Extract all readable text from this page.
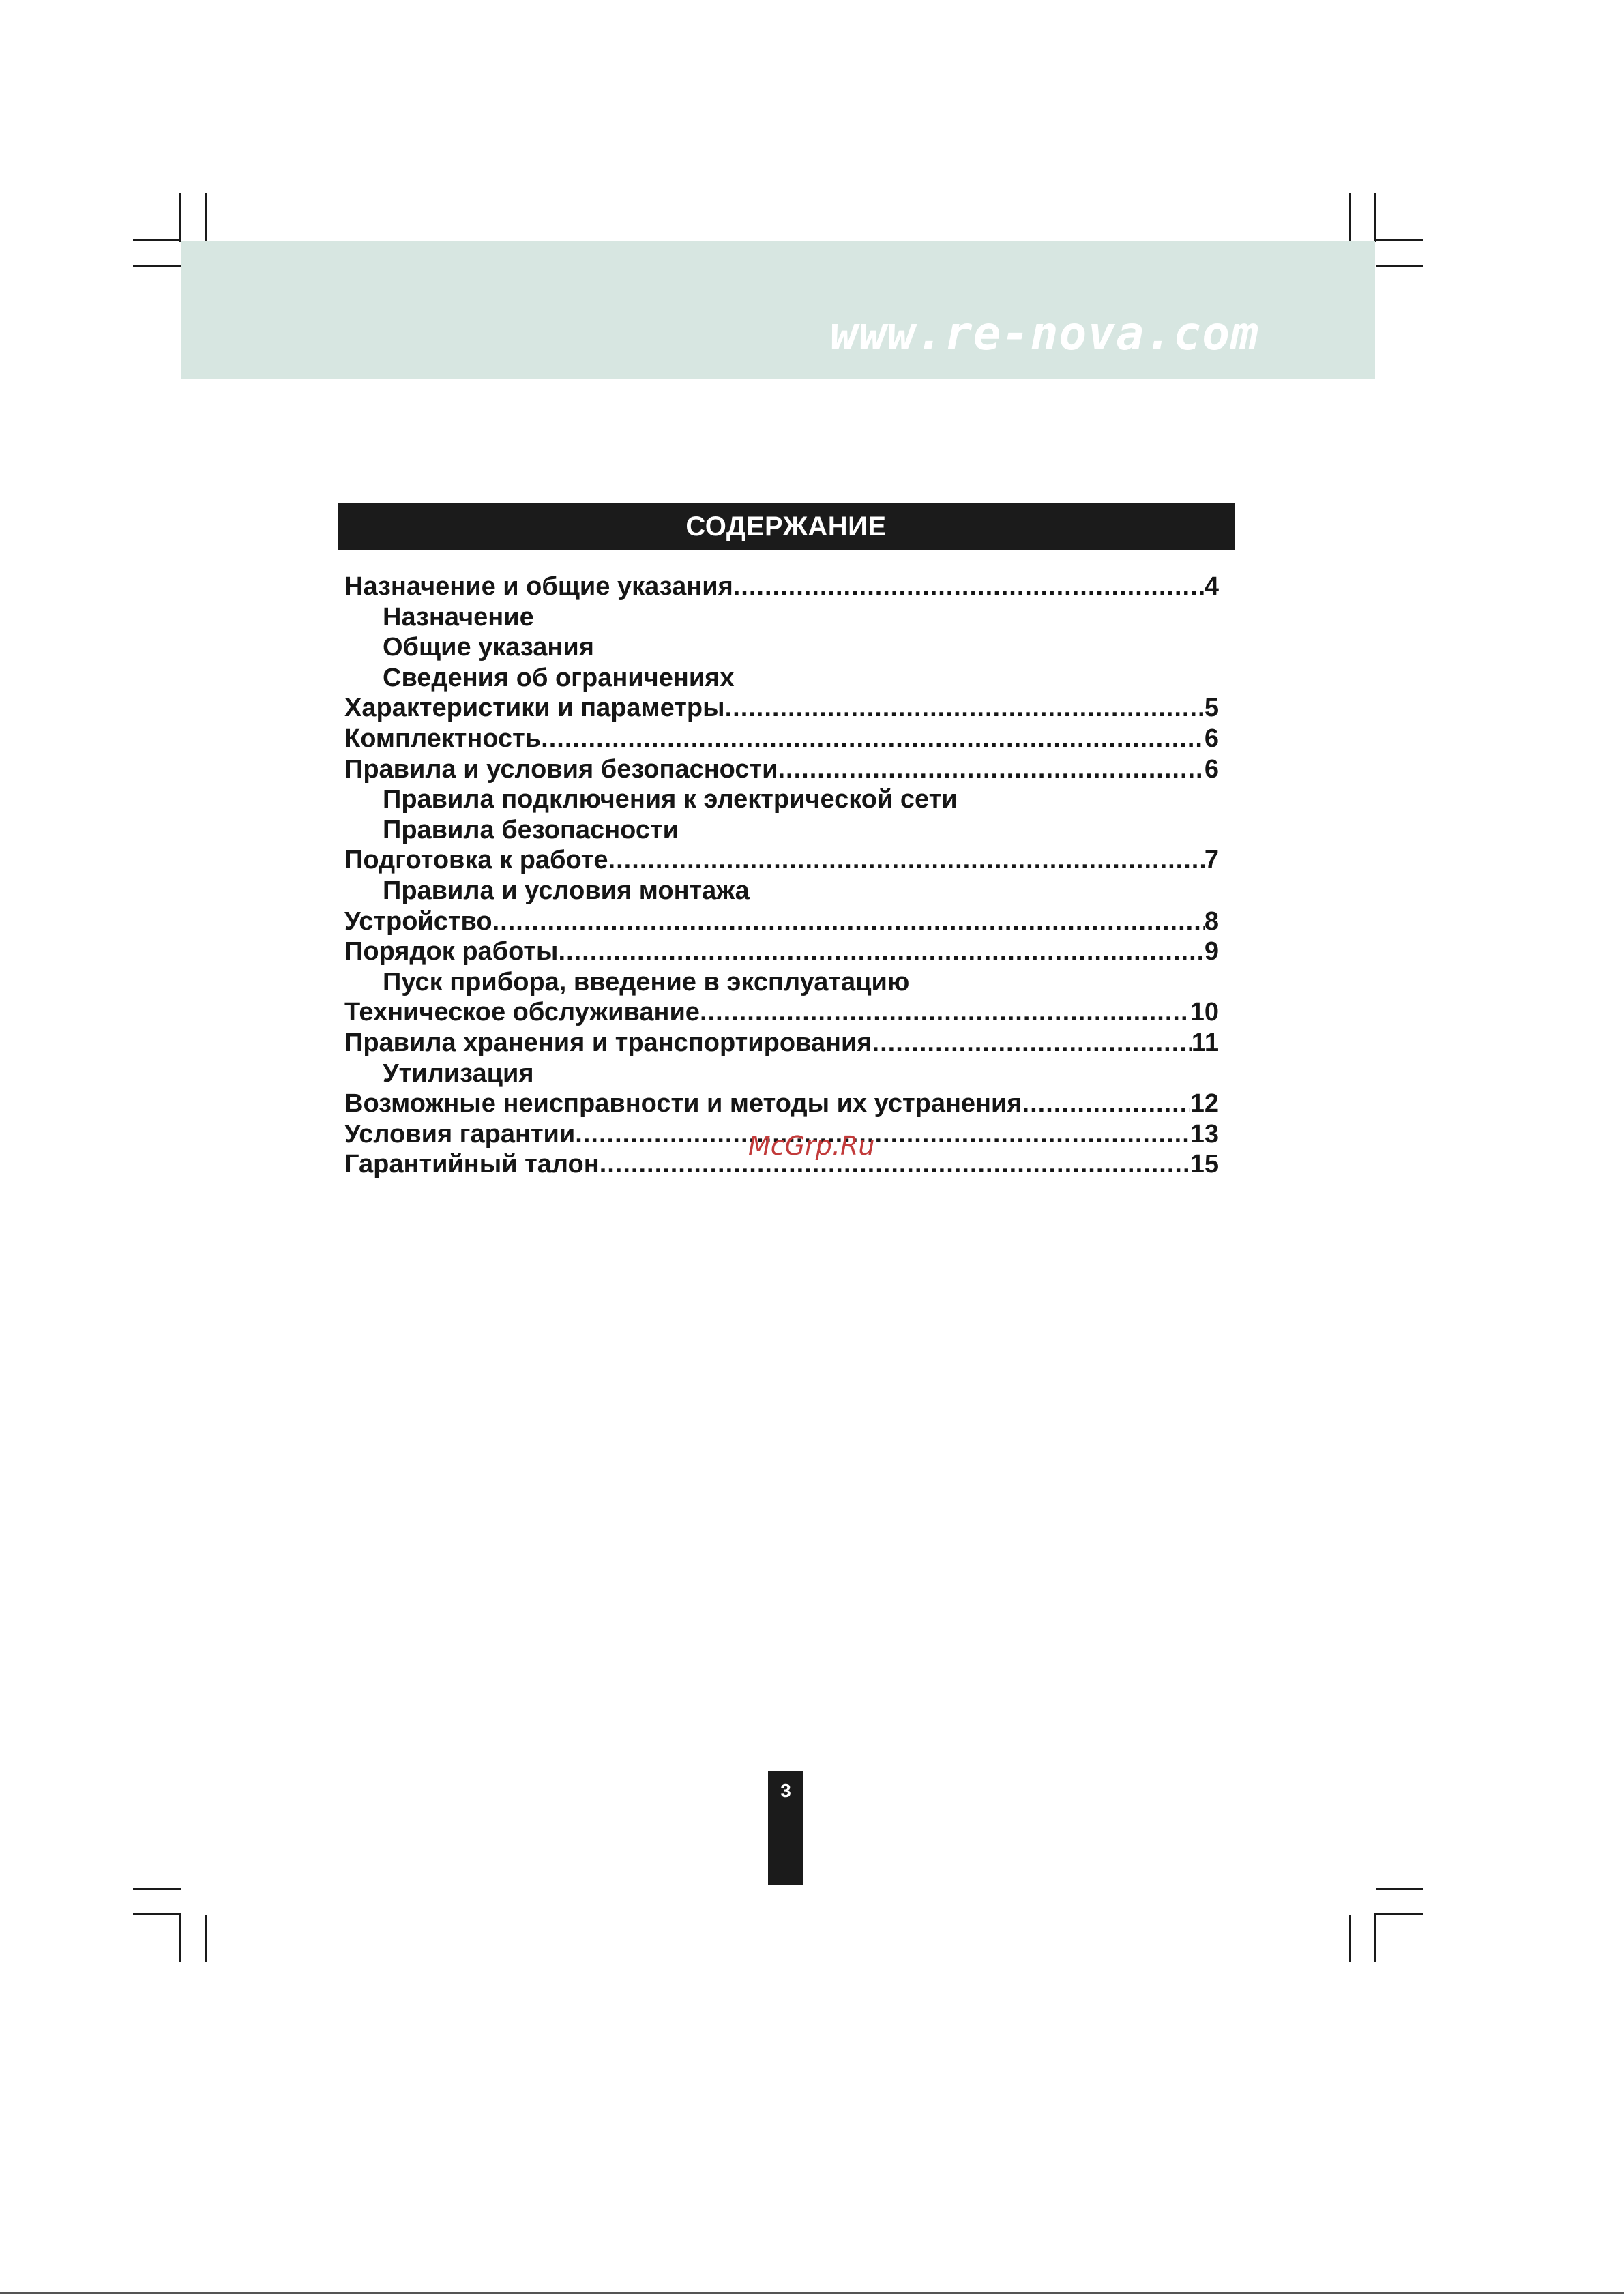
www.re-nova.com
СОДЕРЖАНИЕ
Назначение и общие указания .....	4
Назначение
Общие указания
Сведения об ограничениях
Характеристики и параметры .....	5
Комплектность .....	6
Правила и условия безопасности .....	6
Правила подключения к электрической сети
Правила безопасности
Подготовка к работе .....	7
Правила и условия монтажа
Устройство .....	8
Порядок работы .....	9
Пуск прибора, введение в эксплуатацию
Техническое обслуживание .....	10
Правила хранения и транспортирования .....	11
Утилизация
Возможные неисправности и методы их устранения .....	12
Условия гарантии .....	13
Гарантийный талон .....	15
McGrp.Ru
3
